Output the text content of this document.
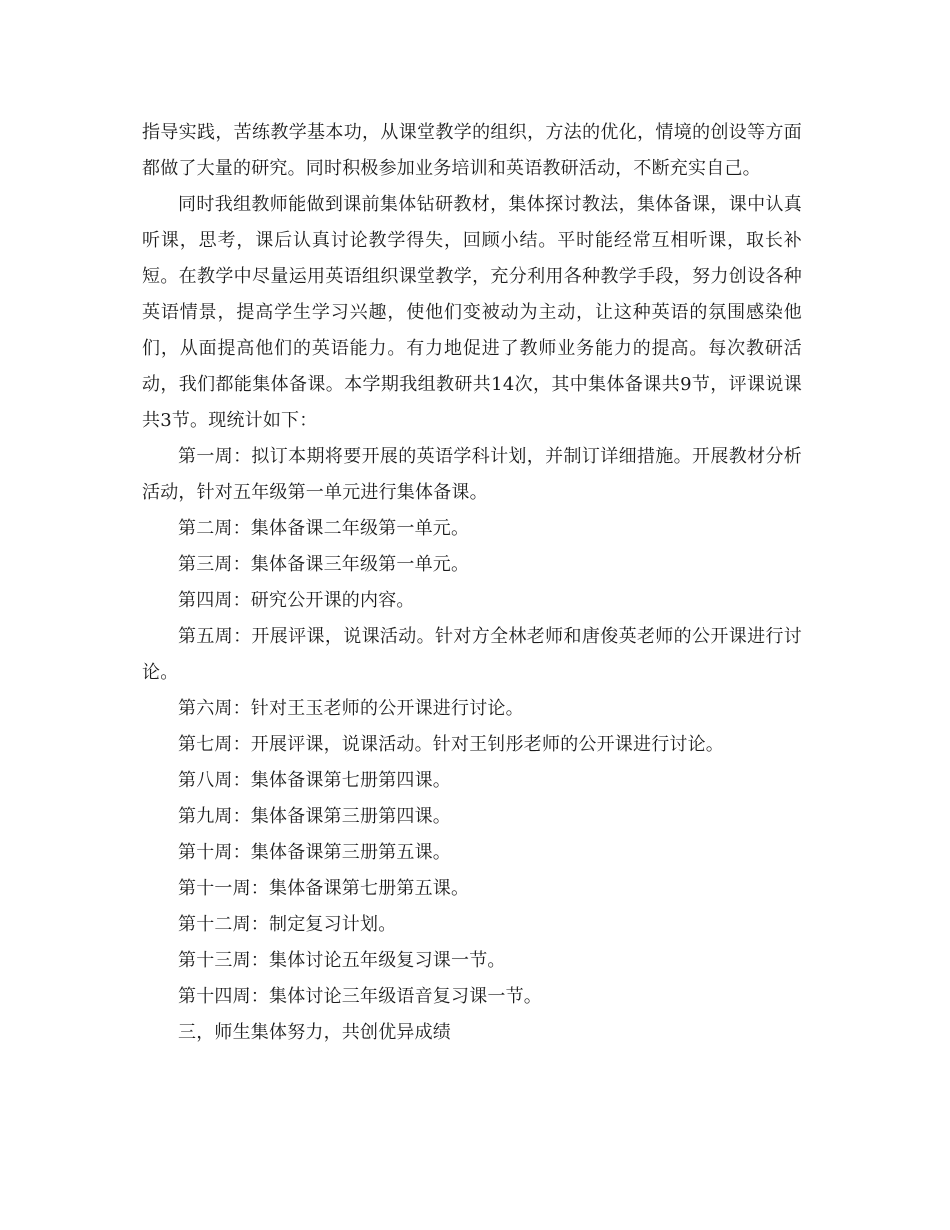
指导实践，苦练教学基本功，从课堂教学的组织，方法的优化，情境的创设等方面都做了大量的研究。同时积极参加业务培训和英语教研活动，不断充实自己。

同时我组教师能做到课前集体钻研教材，集体探讨教法，集体备课，课中认真听课，思考，课后认真讨论教学得失，回顾小结。平时能经常互相听课，取长补短。在教学中尽量运用英语组织课堂教学，充分利用各种教学手段，努力创设各种英语情景，提高学生学习兴趣，使他们变被动为主动，让这种英语的氛围感染他们，从面提高他们的英语能力。有力地促进了教师业务能力的提高。每次教研活动，我们都能集体备课。本学期我组教研共14次，其中集体备课共9节，评课说课共3节。现统计如下：

第一周：拟订本期将要开展的英语学科计划，并制订详细措施。开展教材分析活动，针对五年级第一单元进行集体备课。

第二周：集体备课二年级第一单元。

第三周：集体备课三年级第一单元。

第四周：研究公开课的内容。

第五周：开展评课，说课活动。针对方全林老师和唐俊英老师的公开课进行讨论。

第六周：针对王玉老师的公开课进行讨论。

第七周：开展评课，说课活动。针对王钊彤老师的公开课进行讨论。

第八周：集体备课第七册第四课。

第九周：集体备课第三册第四课。

第十周：集体备课第三册第五课。

第十一周：集体备课第七册第五课。

第十二周：制定复习计划。

第十三周：集体讨论五年级复习课一节。

第十四周：集体讨论三年级语音复习课一节。

三，师生集体努力，共创优异成绩
